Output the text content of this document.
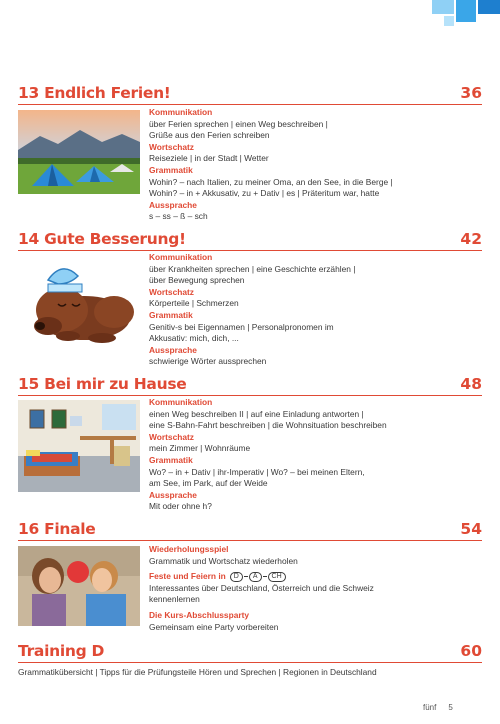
13 Endlich Ferien!	36
Kommunikation
über Ferien sprechen | einen Weg beschreiben |
Grüße aus den Ferien schreiben
Wortschatz
Reiseziele | in der Stadt | Wetter
Grammatik
Wohin? – nach Italien, zu meiner Oma, an den See, in die Berge |
Wohin? – in + Akkusativ, zu + Dativ | es | Präteritum war, hatte
Aussprache
s – ss – ß – sch
14 Gute Besserung!	42
Kommunikation
über Krankheiten sprechen | eine Geschichte erzählen |
über Bewegung sprechen
Wortschatz
Körperteile | Schmerzen
Grammatik
Genitiv-s bei Eigennamen | Personalpronomen im
Akkusativ: mich, dich, ...
Aussprache
schwierige Wörter aussprechen
15 Bei mir zu Hause	48
Kommunikation
einen Weg beschreiben II | auf eine Einladung antworten |
eine S-Bahn-Fahrt beschreiben | die Wohnsituation beschreiben
Wortschatz
mein Zimmer | Wohnräume
Grammatik
Wo? – in + Dativ | ihr-Imperativ | Wo? – bei meinen Eltern,
am See, im Park, auf der Weide
Aussprache
Mit oder ohne h?
16 Finale	54
Wiederholungsspiel
Grammatik und Wortschatz wiederholen
Feste und Feiern in	D	A	CH
Interessantes über Deutschland, Österreich und die Schweiz
kennenlernen
Die Kurs-Abschlussparty
Gemeinsam eine Party vorbereiten
Training D	60
Grammatikübersicht | Tipps für die Prüfungsteile Hören und Sprechen | Regionen in Deutschland
fünf 5
